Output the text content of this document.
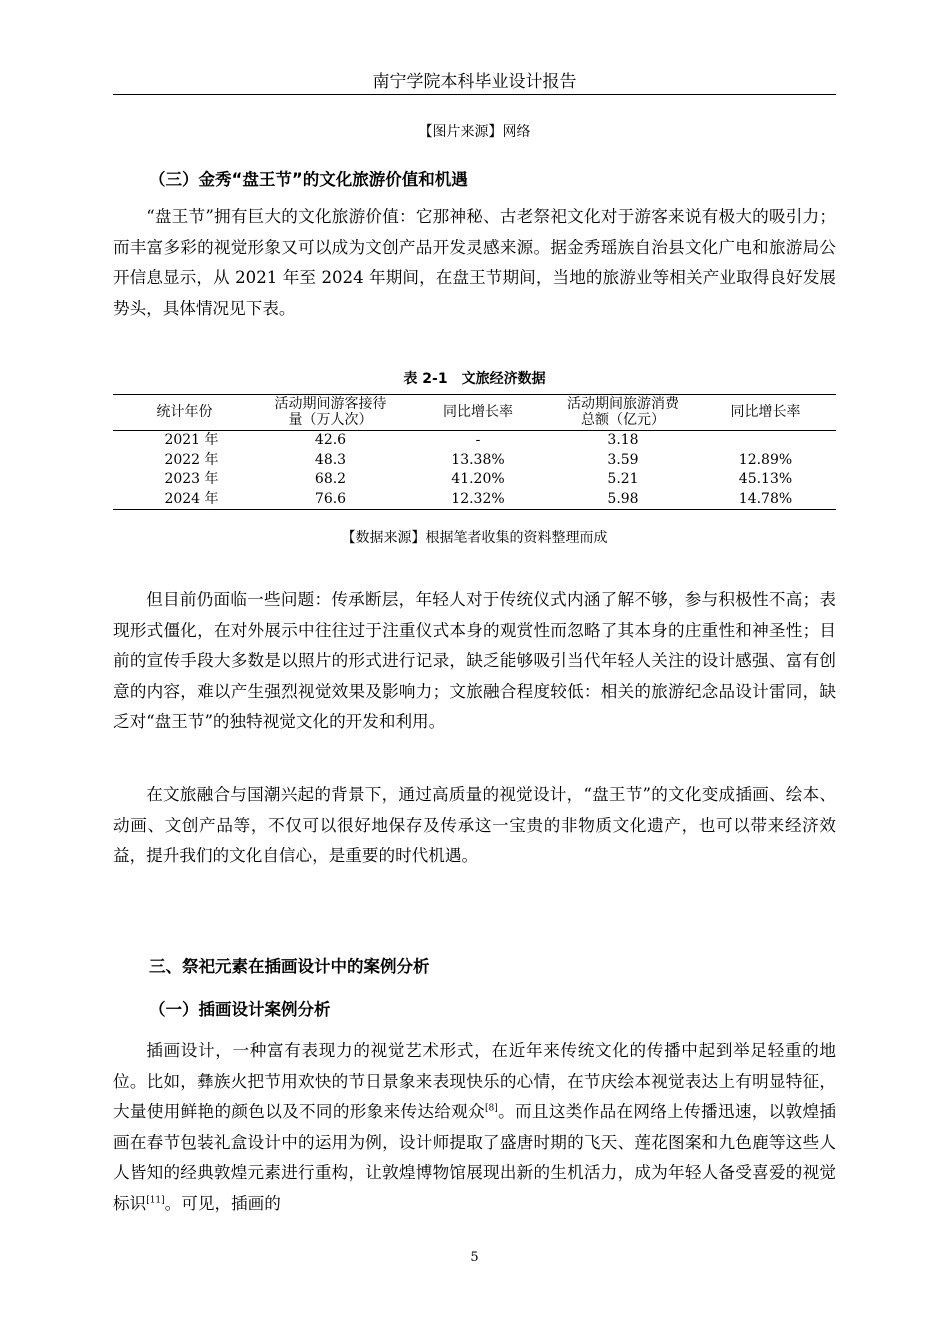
南宁学院本科毕业设计报告
【图片来源】网络
（三）金秀“盘王节”的文化旅游价值和机遇
“盘王节”拥有巨大的文化旅游价值：它那神秘、古老祭祀文化对于游客来说有极大的吸引力；而丰富多彩的视觉形象又可以成为文创产品开发灵感来源。据金秀瑶族自治县文化广电和旅游局公开信息显示，从 2021 年至 2024 年期间，在盘王节期间，当地的旅游业等相关产业取得良好发展势头，具体情况见下表。
表 2-1　文旅经济数据
统计年份	活动期间游客接待量（万人次）	同比增长率	活动期间旅游消费总额（亿元）	同比增长率
2021 年	42.6	-	3.18	
2022 年	48.3	13.38%	3.59	12.89%
2023 年	68.2	41.20%	5.21	45.13%
2024 年	76.6	12.32%	5.98	14.78%
【数据来源】根据笔者收集的资料整理而成
但目前仍面临一些问题：传承断层，年轻人对于传统仪式内涵了解不够，参与积极性不高；表现形式僵化，在对外展示中往往过于注重仪式本身的观赏性而忽略了其本身的庄重性和神圣性；目前的宣传手段大多数是以照片的形式进行记录，缺乏能够吸引当代年轻人关注的设计感强、富有创意的内容，难以产生强烈视觉效果及影响力；文旅融合程度较低：相关的旅游纪念品设计雷同，缺乏对“盘王节”的独特视觉文化的开发和利用。
在文旅融合与国潮兴起的背景下，通过高质量的视觉设计，“盘王节”的文化变成插画、绘本、动画、文创产品等，不仅可以很好地保存及传承这一宝贵的非物质文化遗产，也可以带来经济效益，提升我们的文化自信心，是重要的时代机遇。
三、祭祀元素在插画设计中的案例分析
（一）插画设计案例分析
插画设计，一种富有表现力的视觉艺术形式，在近年来传统文化的传播中起到举足轻重的地位。比如，彝族火把节用欢快的节日景象来表现快乐的心情，在节庆绘本视觉表达上有明显特征，大量使用鲜艳的颜色以及不同的形象来传达给观众[8]。而且这类作品在网络上传播迅速，以敦煌插画在春节包装礼盒设计中的运用为例，设计师提取了盛唐时期的飞天、莲花图案和九色鹿等这些人人皆知的经典敦煌元素进行重构，让敦煌博物馆展现出新的生机活力，成为年轻人备受喜爱的视觉标识[11]。可见，插画的
5
